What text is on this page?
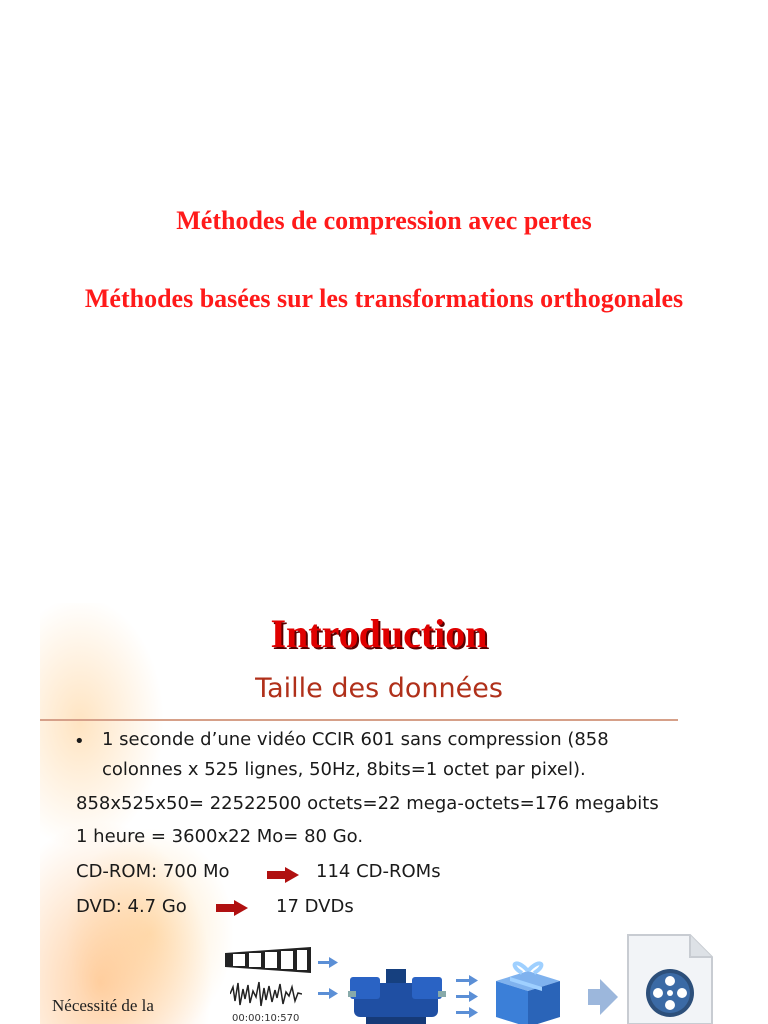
Méthodes de compression avec pertes
Méthodes basées sur les transformations orthogonales
Introduction
Taille des données
• 1 seconde d’une vidéo CCIR 601 sans compression (858
colonnes x 525 lignes, 50Hz, 8bits=1 octet par pixel).
858x525x50= 22522500 octets=22 mega-octets=176 megabits
1 heure = 3600x22 Mo= 80 Go.
CD-ROM: 700 Mo	114 CD-ROMs
DVD: 4.7 Go	17 DVDs
00:00:10:570
Nécessité de la
